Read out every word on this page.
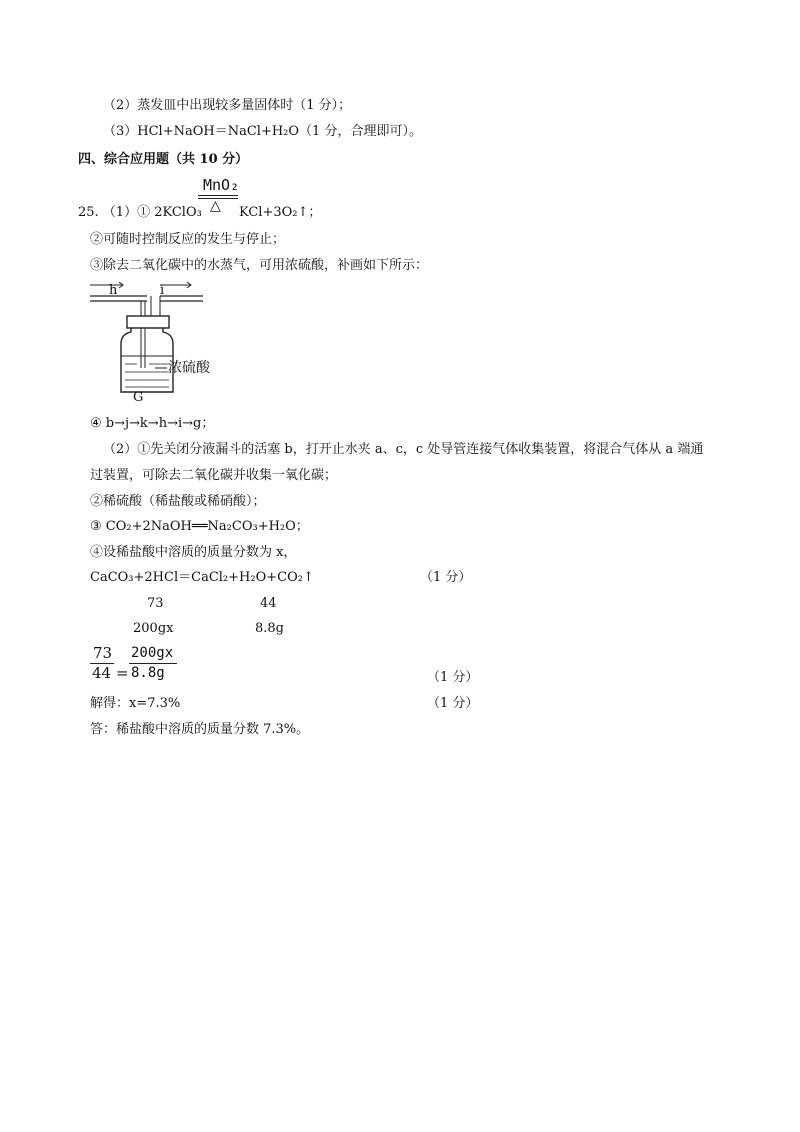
（2）蒸发皿中出现较多量固体时（1 分）；
（3）HCl+NaOH＝NaCl+H₂O（1 分，合理即可）。
四、综合应用题（共 10 分）
MnO₂
△
25. （1）① 2KClO₃	KCl+3O₂↑；
②可随时控制反应的发生与停止；
③除去二氧化碳中的水蒸气，可用浓硫酸，补画如下所示：
h	i
浓硫酸
G
④ b→j→k→h→i→g；
（2）①先关闭分液漏斗的活塞 b，打开止水夹 a、c，c 处导管连接气体收集装置，将混合气体从 a 端通
过装置，可除去二氧化碳并收集一氧化碳；
②稀硫酸（稀盐酸或稀硝酸）；
③ CO₂+2NaOH══Na₂CO₃+H₂O；
④设稀盐酸中溶质的质量分数为 x，
CaCO₃+2HCl＝CaCl₂+H₂O+CO₂↑	（1 分）
73	44
200gx	8.8g
73
44 =
200gx
8.8g	（1 分）
解得：x=7.3%	（1 分）
答：稀盐酸中溶质的质量分数 7.3%。
